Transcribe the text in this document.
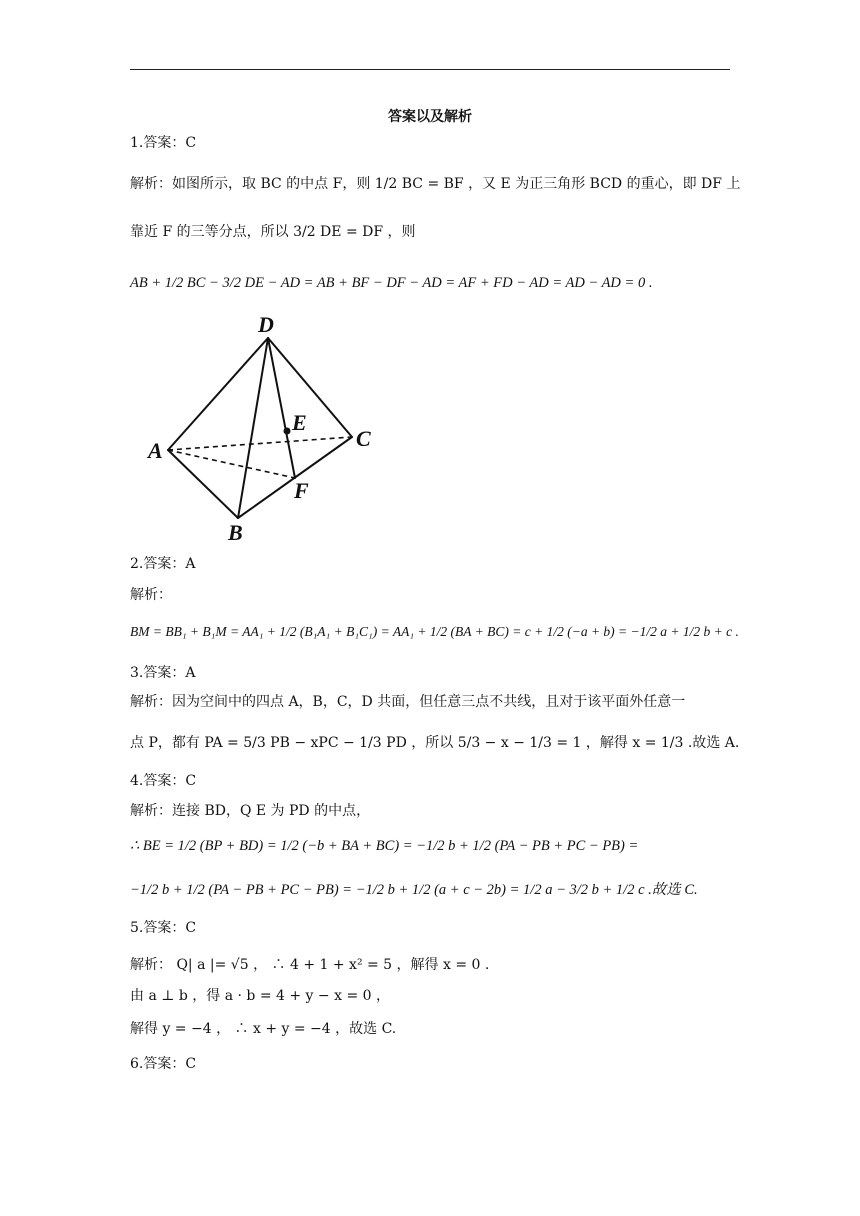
答案以及解析
1.答案：C
解析：如图所示，取 BC 的中点 F，则 1/2 BC = BF ，又 E 为正三角形 BCD 的重心，即 DF 上
靠近 F 的三等分点，所以 3/2 DE = DF ，则
AB + 1/2 BC − 3/2 DE − AD = AB + BF − DF − AD = AF + FD − AD = AD − AD = 0 .
D
A
B
C
E
F
2.答案：A
解析：
BM = BB₁ + B₁M = AA₁ + 1/2 (B₁A₁ + B₁C₁) = AA₁ + 1/2 (BA + BC) = c + 1/2 (−a + b) = −1/2 a + 1/2 b + c .
3.答案：A
解析：因为空间中的四点 A，B，C，D 共面，但任意三点不共线，且对于该平面外任意一
点 P，都有 PA = 5/3 PB − xPC − 1/3 PD ，所以 5/3 − x − 1/3 = 1 ，解得 x = 1/3 .故选 A.
4.答案：C
解析：连接 BD，Q E 为 PD 的中点，
∴ BE = 1/2 (BP + BD) = 1/2 (−b + BA + BC) = −1/2 b + 1/2 (PA − PB + PC − PB) =
−1/2 b + 1/2 (PA − PB + PC − PB) = −1/2 b + 1/2 (a + c − 2b) = 1/2 a − 3/2 b + 1/2 c .故选 C.
5.答案：C
解析： Q| a |= √5 ， ∴ 4 + 1 + x² = 5 ，解得 x = 0 .
由 a ⊥ b ，得 a · b = 4 + y − x = 0 ，
解得 y = −4 ， ∴ x + y = −4 ，故选 C.
6.答案：C
